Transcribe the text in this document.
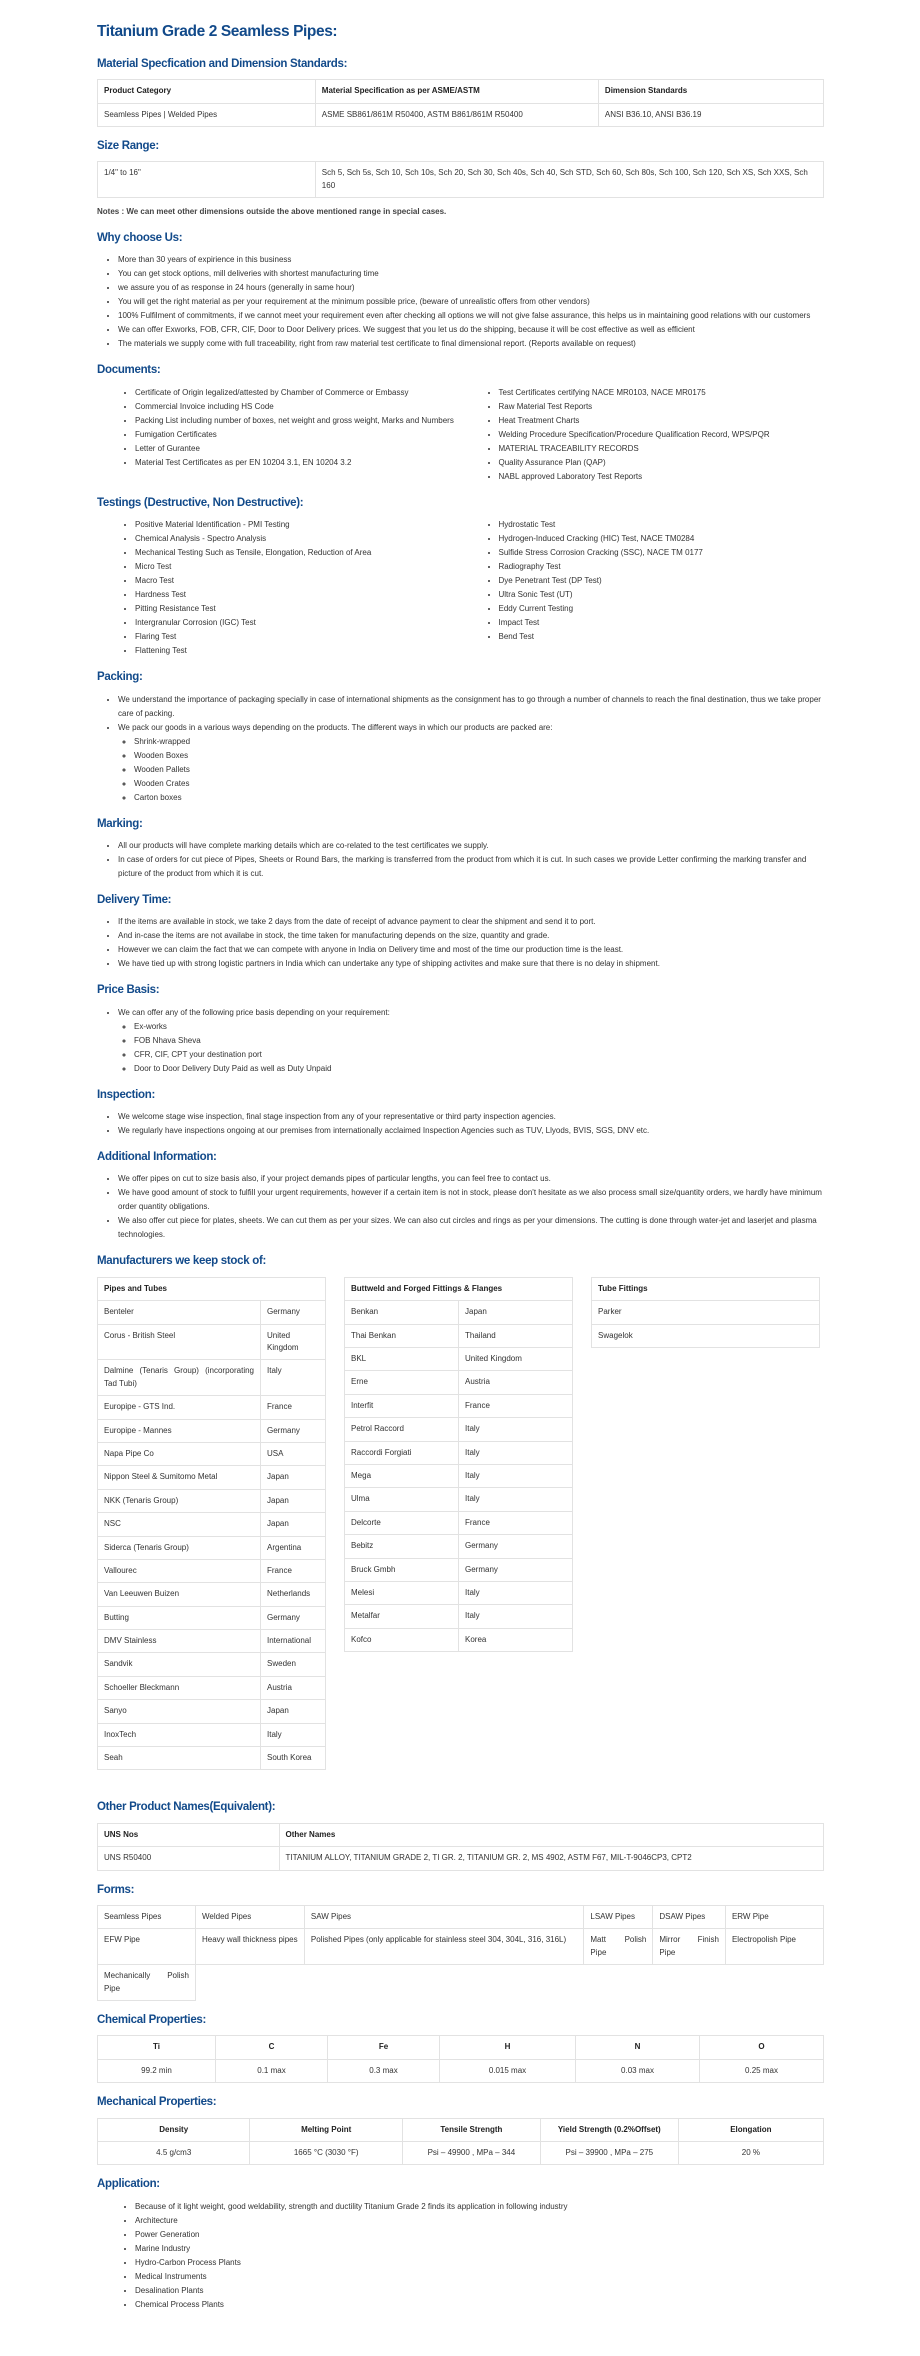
Titanium Grade 2 Seamless Pipes:
Material Specfication and Dimension Standards:
Product Category	Material Specification as per ASME/ASTM	Dimension Standards
Seamless Pipes | Welded Pipes	ASME SB861/861M R50400, ASTM B861/861M R50400	ANSI B36.10, ANSI B36.19
Size Range:
1/4" to 16"	Sch 5, Sch 5s, Sch 10, Sch 10s, Sch 20, Sch 30, Sch 40s, Sch 40, Sch STD, Sch 60, Sch 80s, Sch 100, Sch 120, Sch XS, Sch XXS, Sch 160

Notes : We can meet other dimensions outside the above mentioned range in special cases.

Why choose Us:
• More than 30 years of expirience in this business
• You can get stock options, mill deliveries with shortest manufacturing time
• we assure you of as response in 24 hours (generally in same hour)
• You will get the right material as per your requirement at the minimum possible price, (beware of unrealistic offers from other vendors)
• 100% Fulfilment of commitments, if we cannot meet your requirement even after checking all options we will not give false assurance, this helps us in maintaining good relations with our customers
• We can offer Exworks, FOB, CFR, CIF, Door to Door Delivery prices. We suggest that you let us do the shipping, because it will be cost effective as well as efficient
• The materials we supply come with full traceability, right from raw material test certificate to final dimensional report. (Reports available on request)
Documents:
• Certificate of Origin legalized/attested by Chamber of Commerce or Embassy
• Commercial Invoice including HS Code
• Packing List including number of boxes, net weight and gross weight, Marks and Numbers
• Fumigation Certificates
• Letter of Gurantee
• Material Test Certificates as per EN 10204 3.1, EN 10204 3.2
• Test Certificates certifying NACE MR0103, NACE MR0175
• Raw Material Test Reports
• Heat Treatment Charts
• Welding Procedure Specification/Procedure Qualification Record, WPS/PQR
• MATERIAL TRACEABILITY RECORDS
• Quality Assurance Plan (QAP)
• NABL approved Laboratory Test Reports
Testings (Destructive, Non Destructive):
• Positive Material Identification - PMI Testing
• Chemical Analysis - Spectro Analysis
• Mechanical Testing Such as Tensile, Elongation, Reduction of Area
• Micro Test
• Macro Test
• Hardness Test
• Pitting Resistance Test
• Intergranular Corrosion (IGC) Test
• Flaring Test
• Flattening Test
• Hydrostatic Test
• Hydrogen-Induced Cracking (HIC) Test, NACE TM0284
• Sulfide Stress Corrosion Cracking (SSC), NACE TM 0177
• Radiography Test
• Dye Penetrant Test (DP Test)
• Ultra Sonic Test (UT)
• Eddy Current Testing
• Impact Test
• Bend Test
Packing:
• We understand the importance of packaging specially in case of international shipments as the consignment has to go through a number of channels to reach the final destination, thus we take proper care of packing.
• We pack our goods in a various ways depending on the products. The different ways in which our products are packed are:
◦ Shrink-wrapped
◦ Wooden Boxes
◦ Wooden Pallets
◦ Wooden Crates
◦ Carton boxes
Marking:
• All our products will have complete marking details which are co-related to the test certificates we supply.
• In case of orders for cut piece of Pipes, Sheets or Round Bars, the marking is transferred from the product from which it is cut. In such cases we provide Letter confirming the marking transfer and picture of the product from which it is cut.
Delivery Time:
• If the items are available in stock, we take 2 days from the date of receipt of advance payment to clear the shipment and send it to port.
• And in-case the items are not availabe in stock, the time taken for manufacturing depends on the size, quantity and grade.
• However we can claim the fact that we can compete with anyone in India on Delivery time and most of the time our production time is the least.
• We have tied up with strong logistic partners in India which can undertake any type of shipping activites and make sure that there is no delay in shipment.
Price Basis:
• We can offer any of the following price basis depending on your requirement:
◦ Ex-works
◦ FOB Nhava Sheva
◦ CFR, CIF, CPT your destination port
◦ Door to Door Delivery Duty Paid as well as Duty Unpaid
Inspection:
• We welcome stage wise inspection, final stage inspection from any of your representative or third party inspection agencies.
• We regularly have inspections ongoing at our premises from internationally acclaimed Inspection Agencies such as TUV, Llyods, BVIS, SGS, DNV etc.
Additional Information:
• We offer pipes on cut to size basis also, if your project demands pipes of particular lengths, you can feel free to contact us.
• We have good amount of stock to fulfill your urgent requirements, however if a certain item is not in stock, please don't hesitate as we also process small size/quantity orders, we hardly have minimum order quantity obligations.
• We also offer cut piece for plates, sheets. We can cut them as per your sizes. We can also cut circles and rings as per your dimensions. The cutting is done through water-jet and laserjet and plasma technologies.
Manufacturers we keep stock of:
Pipes and Tubes	
Benteler	Germany
Corus - British Steel	United Kingdom
Dalmine (Tenaris Group) (incorporating Tad Tubi)	Italy
Europipe - GTS Ind.	France
Europipe - Mannes	Germany
Napa Pipe Co	USA
Nippon Steel & Sumitomo Metal	Japan
NKK (Tenaris Group)	Japan
NSC	Japan
Siderca (Tenaris Group)	Argentina
Vallourec	France
Van Leeuwen Buizen	Netherlands
Butting	Germany
DMV Stainless	International
Sandvik	Sweden
Schoeller Bleckmann	Austria
Sanyo	Japan
InoxTech	Italy
Seah	South Korea
Buttweld and Forged Fittings & Flanges	
Benkan	Japan
Thai Benkan	Thailand
BKL	United Kingdom
Erne	Austria
Interfit	France
Petrol Raccord	Italy
Raccordi Forgiati	Italy
Mega	Italy
Ulma	Italy
Delcorte	France
Bebitz	Germany
Bruck Gmbh	Germany
Melesi	Italy
Metalfar	Italy
Kofco	Korea
Tube Fittings
Parker
Swagelok
Other Product Names(Equivalent):
UNS Nos	Other Names
UNS R50400	TITANIUM ALLOY, TITANIUM GRADE 2, TI GR. 2, TITANIUM GR. 2, MS 4902, ASTM F67, MIL-T-9046CP3, CPT2
Forms:
Seamless Pipes	Welded Pipes	SAW Pipes	LSAW Pipes	DSAW Pipes	ERW Pipe
EFW Pipe	Heavy wall thickness pipes	Polished Pipes (only applicable for stainless steel 304, 304L, 316, 316L)	Matt Polish Pipe	Mirror Finish Pipe	Electropolish Pipe
Mechanically Polish Pipe					
Chemical Properties:
Ti	C	Fe	H	N	O
99.2 min	0.1 max	0.3 max	0.015 max	0.03 max	0.25 max
Mechanical Properties:
Density	Melting Point	Tensile Strength	Yield Strength (0.2%Offset)	Elongation
4.5 g/cm3	1665 °C (3030 °F)	Psi – 49900 , MPa – 344	Psi – 39900 , MPa – 275	20 %
Application:
• Because of it light weight, good weldability, strength and ductility Titanium Grade 2 finds its application in following industry
• Architecture
• Power Generation
• Marine Industry
• Hydro-Carbon Process Plants
• Medical Instruments
• Desalination Plants
• Chemical Process Plants
